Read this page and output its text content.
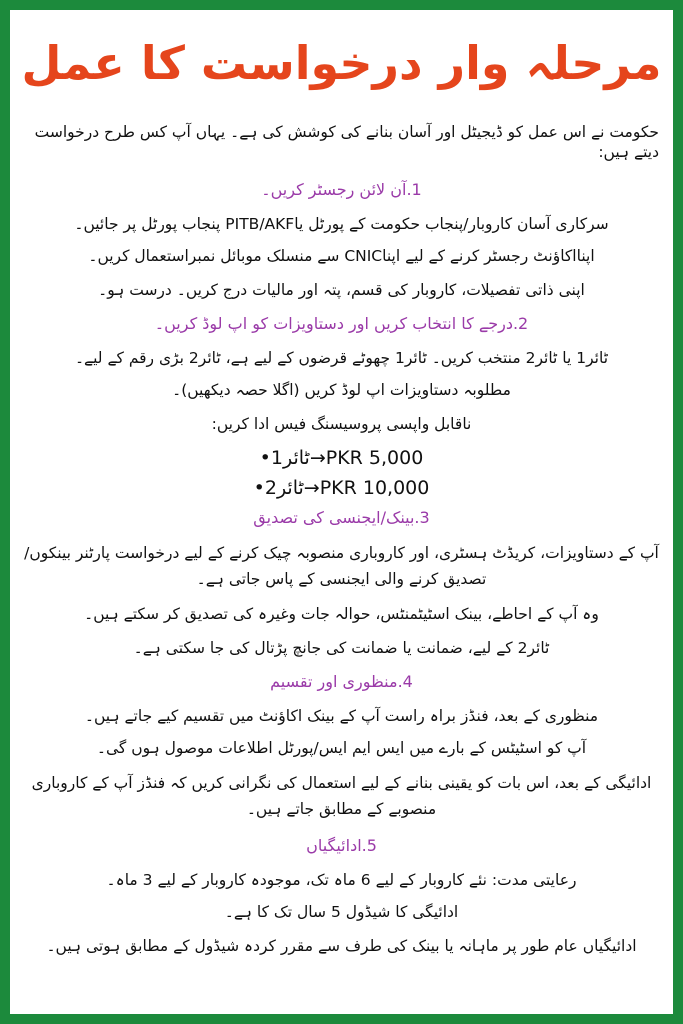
مرحلہ وار درخواست کا عمل

حکومت نے اس عمل کو ڈیجیٹل اور آسان بنانے کی کوشش کی ہے۔ یہاں آپ کس طرح درخواست دیتے ہیں:

1.آن لائن رجسٹر کریں۔

سرکاری آسان کاروبار/پنجاب حکومت کے پورٹل یاPITB/AKF پنجاب پورٹل پر جائیں۔

اپنااکاؤنٹ رجسٹر کرنے کے لیے اپناCNIC سے منسلک موبائل نمبراستعمال کریں۔

اپنی ذاتی تفصیلات، کاروبار کی قسم، پتہ اور مالیات درج کریں۔ درست ہو۔

2.درجے کا انتخاب کریں اور دستاویزات کو اپ لوڈ کریں۔

ٹائر1 یا ٹائر2 منتخب کریں۔ ٹائر1 چھوٹے قرضوں کے لیے ہے، ٹائر2 بڑی رقم کے لیے۔

مطلوبہ دستاویزات اپ لوڈ کریں (اگلا حصہ دیکھیں)۔

ناقابل واپسی پروسیسنگ فیس ادا کریں:

•ٹائر1→PKR 5,000

•ٹائر2→PKR 10,000

3.بینک/ایجنسی کی تصدیق

آپ کے دستاویزات، کریڈٹ ہسٹری، اور کاروباری منصوبہ چیک کرنے کے لیے درخواست پارٹنر بینکوں/تصدیق کرنے والی ایجنسی کے پاس جاتی ہے۔

وہ آپ کے احاطے، بینک اسٹیٹمنٹس، حوالہ جات وغیرہ کی تصدیق کر سکتے ہیں۔

ٹائر2 کے لیے، ضمانت یا ضمانت کی جانچ پڑتال کی جا سکتی ہے۔

4.منظوری اور تقسیم

منظوری کے بعد، فنڈز براہ راست آپ کے بینک اکاؤنٹ میں تقسیم کیے جاتے ہیں۔

آپ کو اسٹیٹس کے بارے میں ایس ایم ایس/پورٹل اطلاعات موصول ہوں گی۔

ادائیگی کے بعد، اس بات کو یقینی بنانے کے لیے استعمال کی نگرانی کریں کہ فنڈز آپ کے کاروباری منصوبے کے مطابق جاتے ہیں۔

5.ادائیگیاں

رعایتی مدت: نئے کاروبار کے لیے 6 ماہ تک، موجودہ کاروبار کے لیے 3 ماہ۔

ادائیگی کا شیڈول 5 سال تک کا ہے۔

ادائیگیاں عام طور پر ماہانہ یا بینک کی طرف سے مقرر کردہ شیڈول کے مطابق ہوتی ہیں۔
